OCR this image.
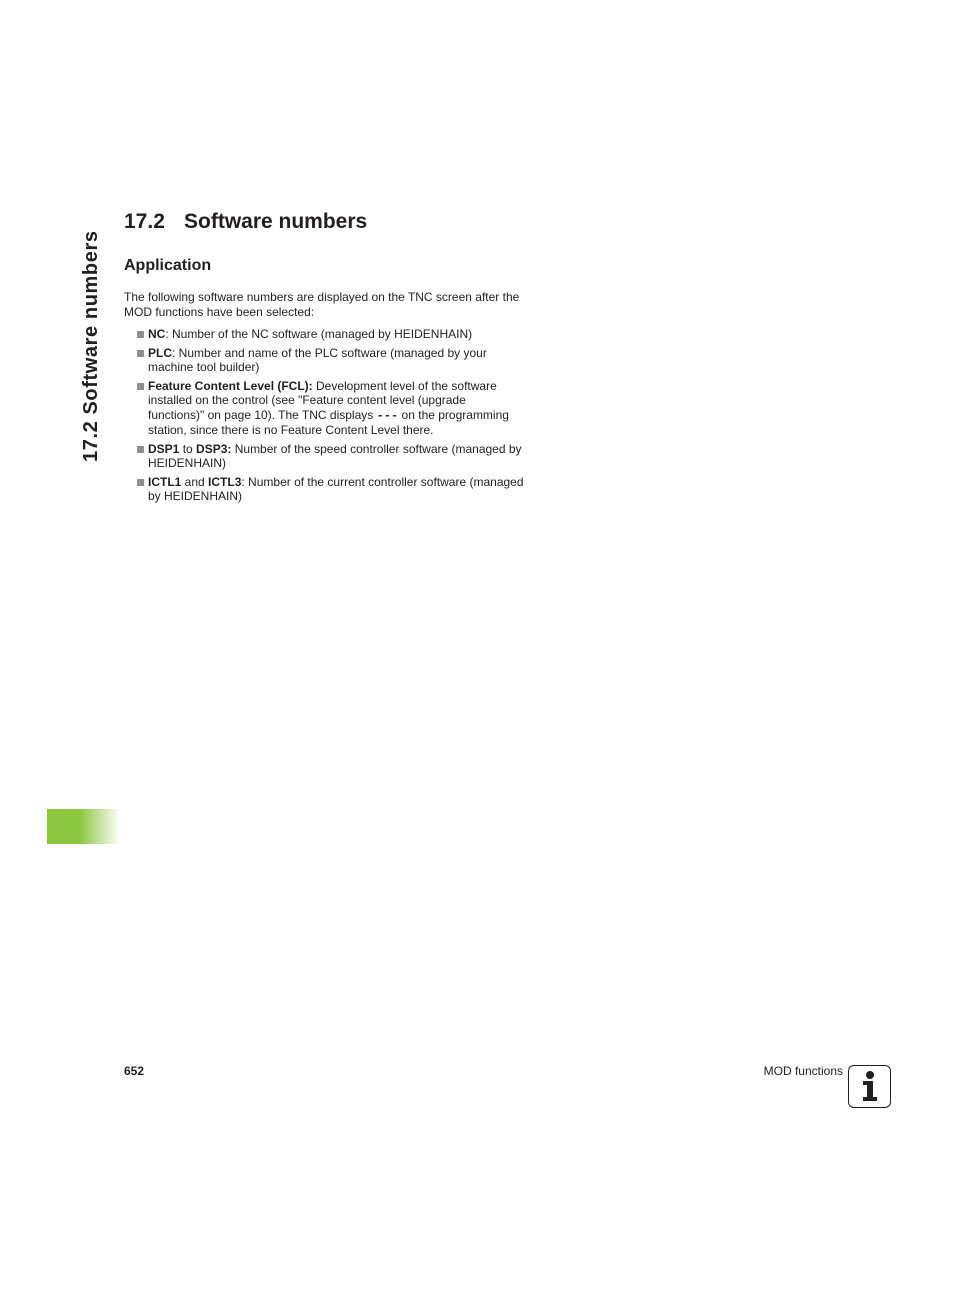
17.2 Software numbers
17.2 Software numbers
Application

The following software numbers are displayed on the TNC screen after the MOD functions have been selected:

NC: Number of the NC software (managed by HEIDENHAIN)
PLC: Number and name of the PLC software (managed by your machine tool builder)
Feature Content Level (FCL): Development level of the software installed on the control (see "Feature content level (upgrade functions)" on page 10). The TNC displays --- on the programming station, since there is no Feature Content Level there.
DSP1 to DSP3: Number of the speed controller software (managed by HEIDENHAIN)
ICTL1 and ICTL3: Number of the current controller software (managed by HEIDENHAIN)
652	MOD functions
